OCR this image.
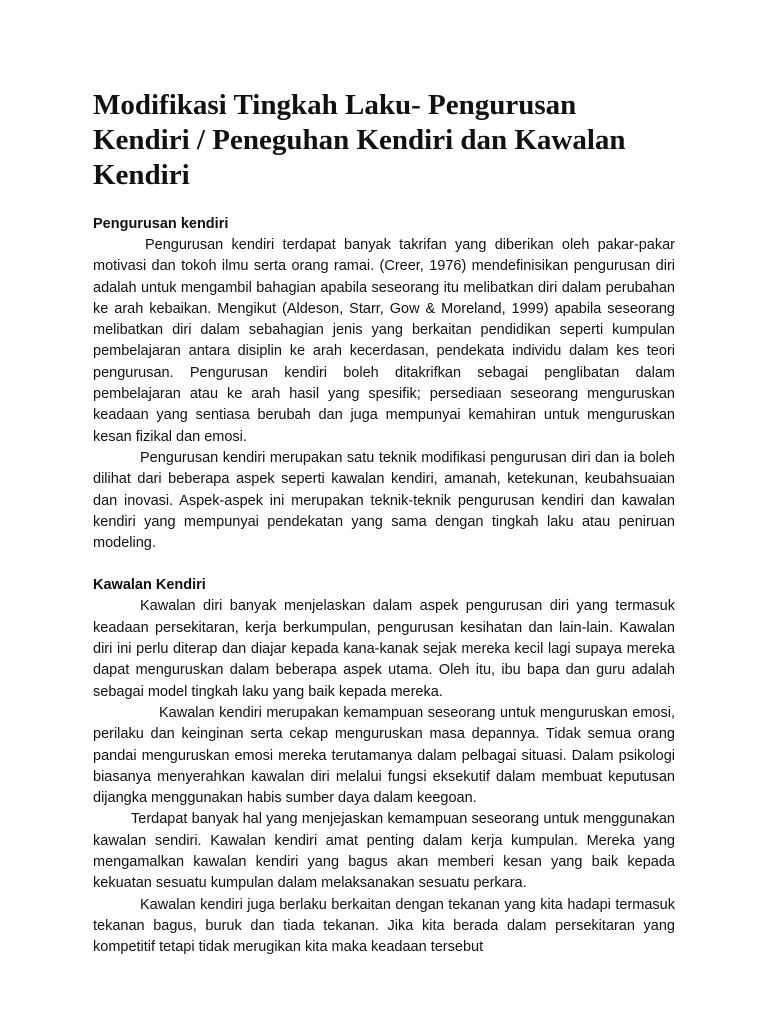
Modifikasi Tingkah Laku- Pengurusan Kendiri / Peneguhan Kendiri dan Kawalan Kendiri
Pengurusan kendiri

Pengurusan kendiri terdapat banyak takrifan yang diberikan oleh pakar-pakar motivasi dan tokoh ilmu serta orang ramai. (Creer, 1976) mendefinisikan pengurusan diri adalah untuk mengambil bahagian apabila seseorang itu melibatkan diri dalam perubahan ke arah kebaikan. Mengikut (Aldeson, Starr, Gow & Moreland, 1999) apabila seseorang melibatkan diri dalam sebahagian jenis yang berkaitan pendidikan seperti kumpulan pembelajaran antara disiplin ke arah kecerdasan, pendekata individu dalam kes teori pengurusan. Pengurusan kendiri boleh ditakrifkan sebagai penglibatan dalam pembelajaran atau ke arah hasil yang spesifik; persediaan seseorang menguruskan keadaan yang sentiasa berubah dan juga mempunyai kemahiran untuk menguruskan kesan fizikal dan emosi.

Pengurusan kendiri merupakan satu teknik modifikasi pengurusan diri dan ia boleh dilihat dari beberapa aspek seperti kawalan kendiri, amanah, ketekunan, keubahsuaian dan inovasi. Aspek-aspek ini merupakan teknik-teknik pengurusan kendiri dan kawalan kendiri yang mempunyai pendekatan yang sama dengan tingkah laku atau peniruan modeling.

Kawalan Kendiri

Kawalan diri banyak menjelaskan dalam aspek pengurusan diri yang termasuk keadaan persekitaran, kerja berkumpulan, pengurusan kesihatan dan lain-lain. Kawalan diri ini perlu diterap dan diajar kepada kana-kanak sejak mereka kecil lagi supaya mereka dapat menguruskan dalam beberapa aspek utama. Oleh itu, ibu bapa dan guru adalah sebagai model tingkah laku yang baik kepada mereka.

Kawalan kendiri merupakan kemampuan seseorang untuk menguruskan emosi, perilaku dan keinginan serta cekap menguruskan masa depannya. Tidak semua orang pandai menguruskan emosi mereka terutamanya dalam pelbagai situasi. Dalam psikologi biasanya menyerahkan kawalan diri melalui fungsi eksekutif dalam membuat keputusan dijangka menggunakan habis sumber daya dalam keegoan.

Terdapat banyak hal yang menjejaskan kemampuan seseorang untuk menggunakan kawalan sendiri. Kawalan kendiri amat penting dalam kerja kumpulan. Mereka yang mengamalkan kawalan kendiri yang bagus akan memberi kesan yang baik kepada kekuatan sesuatu kumpulan dalam melaksanakan sesuatu perkara.

Kawalan kendiri juga berlaku berkaitan dengan tekanan yang kita hadapi termasuk tekanan bagus, buruk dan tiada tekanan. Jika kita berada dalam persekitaran yang kompetitif tetapi tidak merugikan kita maka keadaan tersebut
